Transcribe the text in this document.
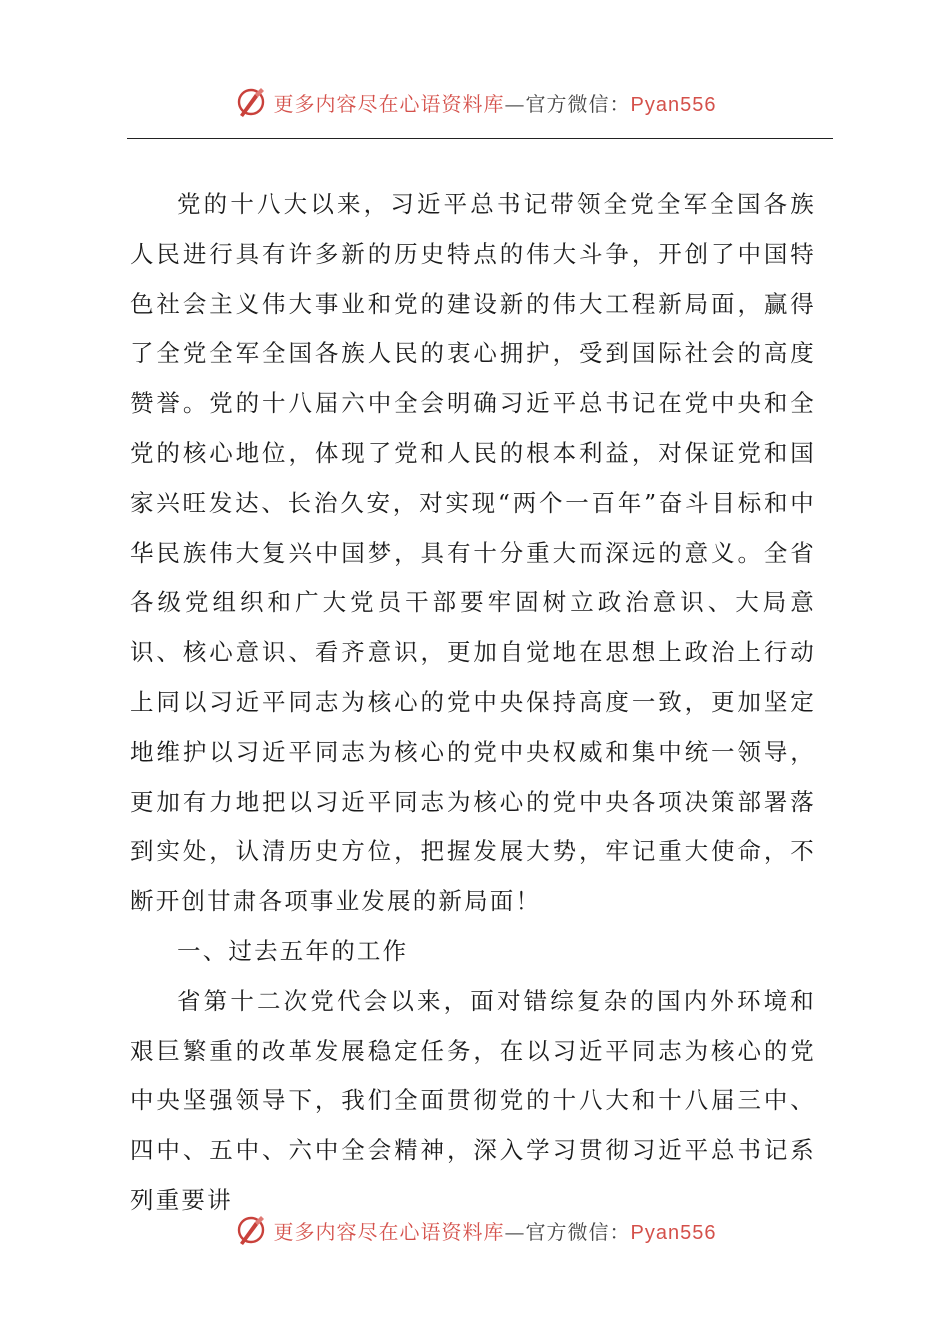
更多内容尽在心语资料库—官方微信：Pyan556

党的十八大以来，习近平总书记带领全党全军全国各族人民进行具有许多新的历史特点的伟大斗争，开创了中国特色社会主义伟大事业和党的建设新的伟大工程新局面，赢得了全党全军全国各族人民的衷心拥护，受到国际社会的高度赞誉。党的十八届六中全会明确习近平总书记在党中央和全党的核心地位，体现了党和人民的根本利益，对保证党和国家兴旺发达、长治久安，对实现“两个一百年”奋斗目标和中华民族伟大复兴中国梦，具有十分重大而深远的意义。全省各级党组织和广大党员干部要牢固树立政治意识、大局意识、核心意识、看齐意识，更加自觉地在思想上政治上行动上同以习近平同志为核心的党中央保持高度一致，更加坚定地维护以习近平同志为核心的党中央权威和集中统一领导，更加有力地把以习近平同志为核心的党中央各项决策部署落到实处，认清历史方位，把握发展大势，牢记重大使命，不断开创甘肃各项事业发展的新局面！

一、过去五年的工作

省第十二次党代会以来，面对错综复杂的国内外环境和艰巨繁重的改革发展稳定任务，在以习近平同志为核心的党中央坚强领导下，我们全面贯彻党的十八大和十八届三中、四中、五中、六中全会精神，深入学习贯彻习近平总书记系列重要讲

更多内容尽在心语资料库—官方微信：Pyan556
